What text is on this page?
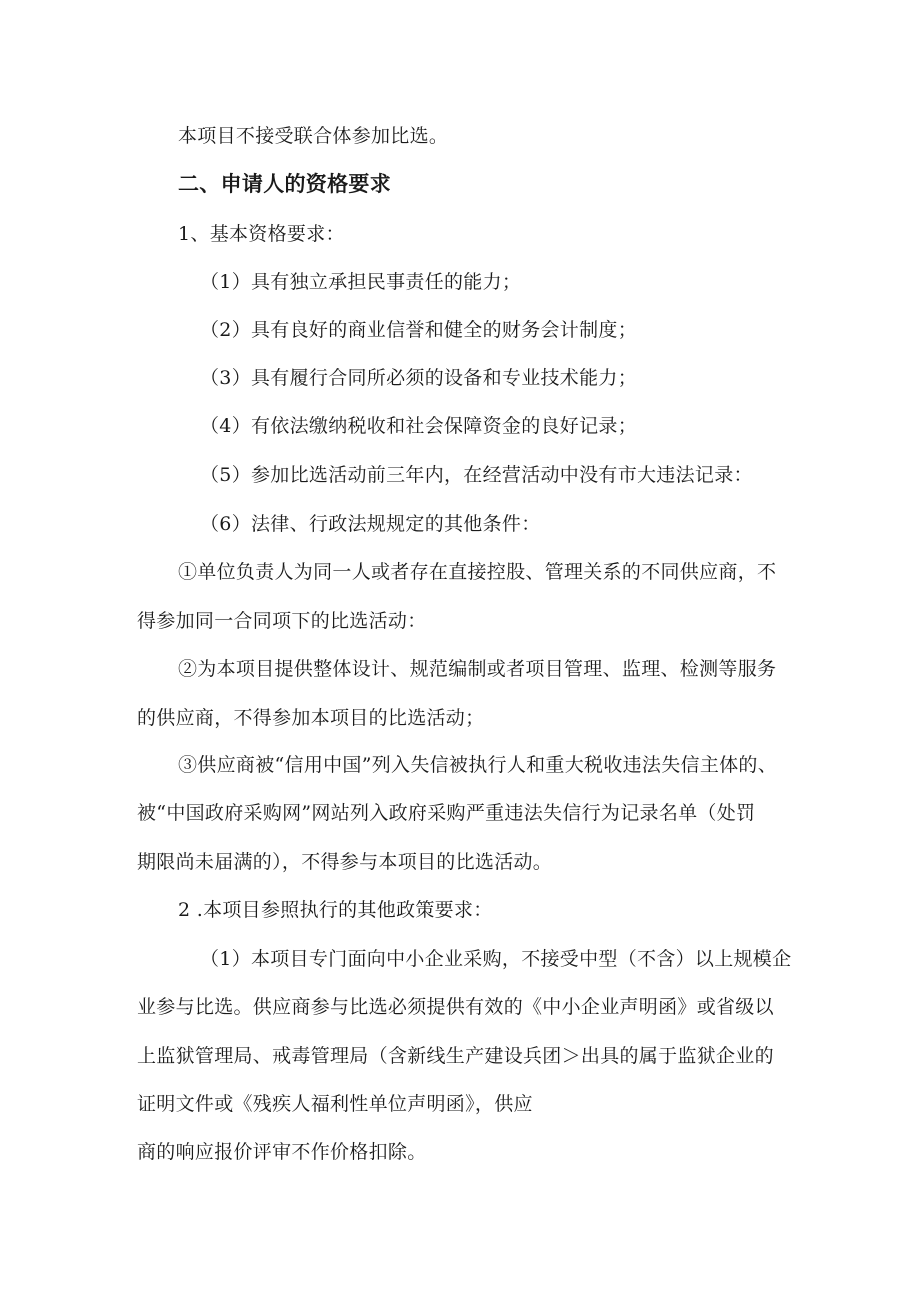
本项目不接受联合体参加比选。
二、申请人的资格要求
1、基本资格要求：
（1）具有独立承担民事责任的能力；
（2）具有良好的商业信誉和健全的财务会计制度；
（3）具有履行合同所必须的设备和专业技术能力；
（4）有依法缴纳税收和社会保障资金的良好记录；
（5）参加比选活动前三年内，在经营活动中没有市大违法记录：
（6）法律、行政法规规定的其他条件：
①单位负责人为同一人或者存在直接控股、管理关系的不同供应商，不
得参加同一合同项下的比选活动：
②为本项目提供整体设计、规范编制或者项目管理、监理、检测等服务
的供应商，不得参加本项目的比选活动；
③供应商被“信用中国”列入失信被执行人和重大税收违法失信主体的、
被“中国政府采购网”网站列入政府采购严重违法失信行为记录名单（处罚
期限尚未届满的），不得参与本项目的比选活动。
2 .本项目参照执行的其他政策要求：
（1）本项目专门面向中小企业采购，不接受中型（不含）以上规模企
业参与比选。供应商参与比选必须提供有效的《中小企业声明函》或省级以
上监狱管理局、戒毒管理局（含新线生产建设兵团＞出具的属于监狱企业的
证明文件或《残疾人福利性单位声明函》，供应
商的响应报价评审不作价格扣除。
